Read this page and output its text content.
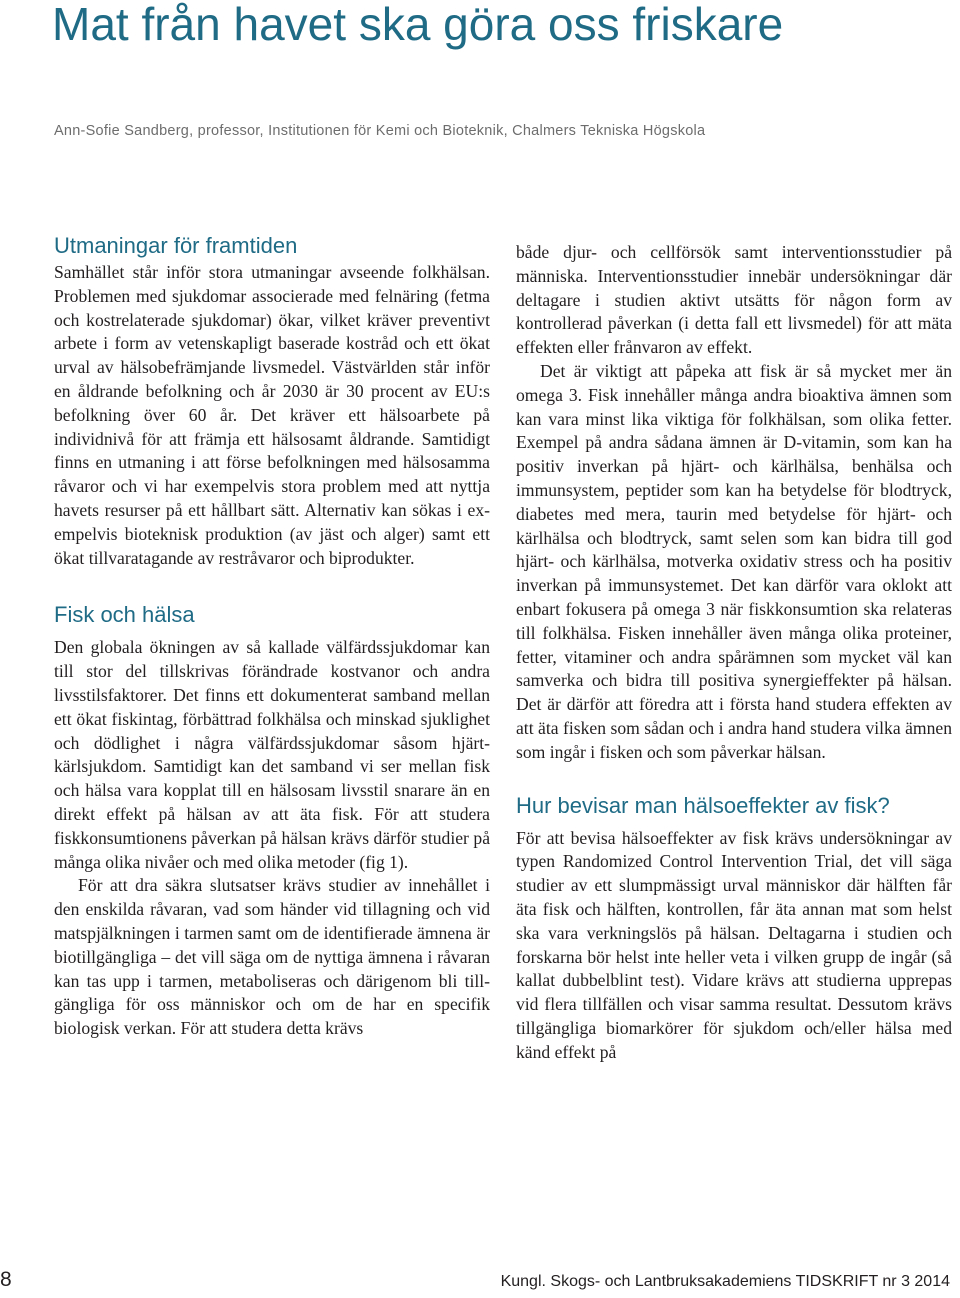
Mat från havet ska göra oss friskare

Ann-Sofie Sandberg, professor, Institutionen för Kemi och Bioteknik, Chalmers Tekniska Högskola

Utmaningar för framtiden

Samhället står inför stora utmaningar avseende folkhälsan. Problemen med sjukdomar associerade med felnäring (fetma och kostrelaterade sjukdomar) ökar, vilket kräver preventivt arbete i form av vetenskapligt baserade kostråd och ett ökat urval av hälsobefrämjande livsmedel. Västvärlden står inför en åldrande befolkning och år 2030 är 30 procent av EU:s befolkning över 60 år. Det kräver ett hälsoarbete på individnivå för att främja ett hälsosamt åldrande. Samtidigt finns en utmaning i att förse befolkningen med hälsosamma råvaror och vi har exempelvis stora problem med att nyttja havets resurser på ett hållbart sätt. Alternativ kan sökas i exempelvis bioteknisk produktion (av jäst och alger) samt ett ökat tillvaratagande av restråvaror och biprodukter.

Fisk och hälsa

Den globala ökningen av så kallade välfärdssjukdomar kan till stor del tillskrivas förändrade kostvanor och andra livsstilsfaktorer. Det finns ett dokumenterat samband mellan ett ökat fiskintag, förbättrad folkhälsa och minskad sjuklighet och dödlighet i några välfärdssjukdomar såsom hjärt-kärlsjukdom. Samtidigt kan det samband vi ser mellan fisk och hälsa vara kopplat till en hälsosam livsstil snarare än en direkt effekt på hälsan av att äta fisk. För att studera fiskkonsumtionens påverkan på hälsan krävs därför studier på många olika nivåer och med olika metoder (fig 1).

För att dra säkra slutsatser krävs studier av innehållet i den enskilda råvaran, vad som händer vid tillagning och vid matspjälkningen i tarmen samt om de identifierade ämnena är biotillgängliga – det vill säga om de nyttiga ämnena i råvaran kan tas upp i tarmen, metaboliseras och därigenom bli tillgängliga för oss människor och om de har en specifik biologisk verkan. För att studera detta krävs

både djur- och cellförsök samt interventionsstudier på människa. Interventionsstudier innebär undersökningar där deltagare i studien aktivt utsätts för någon form av kontrollerad påverkan (i detta fall ett livsmedel) för att mäta effekten eller frånvaron av effekt.

Det är viktigt att påpeka att fisk är så mycket mer än omega 3. Fisk innehåller många andra bioaktiva ämnen som kan vara minst lika viktiga för folkhälsan, som olika fetter. Exempel på andra sådana ämnen är D-vitamin, som kan ha positiv inverkan på hjärt- och kärlhälsa, benhälsa och immunsystem, peptider som kan ha betydelse för blodtryck, diabetes med mera, taurin med betydelse för hjärt- och kärlhälsa och blodtryck, samt selen som kan bidra till god hjärt- och kärlhälsa, motverka oxidativ stress och ha positiv inverkan på immunsystemet. Det kan därför vara oklokt att enbart fokusera på omega 3 när fiskkonsumtion ska relateras till folkhälsa. Fisken innehåller även många olika proteiner, fetter, vitaminer och andra spårämnen som mycket väl kan samverka och bidra till positiva synergieffekter på hälsan. Det är därför att föredra att i första hand studera effekten av att äta fisken som sådan och i andra hand studera vilka ämnen som ingår i fisken och som påverkar hälsan.

Hur bevisar man hälsoeffekter av fisk?

För att bevisa hälsoeffekter av fisk krävs undersökningar av typen Randomized Control Intervention Trial, det vill säga studier av ett slumpmässigt urval människor där hälften får äta fisk och hälften, kontrollen, får äta annan mat som helst ska vara verkningslös på hälsan. Deltagarna i studien och forskarna bör helst inte heller veta i vilken grupp de ingår (så kallat dubbelblint test). Vidare krävs att studierna upprepas vid flera tillfällen och visar samma resultat. Dessutom krävs tillgängliga biomarkörer för sjukdom och/eller hälsa med känd effekt på

8	Kungl. Skogs- och Lantbruksakademiens TIDSKRIFT nr 3 2014
